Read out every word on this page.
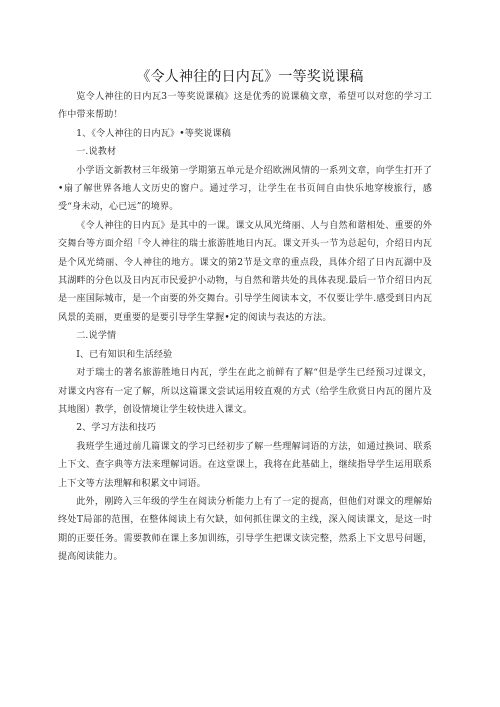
《令人神往的日内瓦》一等奖说课稿

览令人神往的日内瓦3一等奖说课稿》这是优秀的说课稿文章，希望可以对您的学习工作中带来帮助！

1、《令人神往的日内瓦》•等奖说课稿

一.说教材

小学语文新教材三年级第一学期第五单元是介绍欧洲风情的一系列文章，向学生打开了•扇了解世界各地人文历史的窗户。通过学习，让学生在书页间自由快乐地穿梭旅行，感受“身未动，心已远”的境界。

《令人神往的日内瓦》是其中的一课。课文从风光绮丽、人与自然和谐相处、重要的外交舞台等方面介绍「令人神往的瑞士旅游胜地日内瓦。课文开头一节为总起句，介绍日内瓦是个风光绮丽、令人神往的地方。课文的第2节是文章的重点段，具体介绍了日内瓦湖中及其湖畔的分色以及日内瓦市民爱护小动物，与自然和谐共处的具体表现.最后一节介绍日内瓦是一座国际城市，是一个亩要的外交舞台。引导学生阅读本文，不仅要让学牛.感受到日内瓦风景的美丽，更重要的是要引导学生掌握•定的阅读与表达的方法。

二.说学情

I、已有知识和生活经验

对于瑞士的著名旅游胜地日内瓦，学生在此之前鲜有了解“但是学生已经预习过课文，对课文内容有一定了解，所以这篇课文尝试运用较直观的方式（给学生欣赏日内瓦的图片及其地图）教学，创设情境让学生较快进入课文。

2、学习方法和技巧

我班学生通过前几篇课文的学习已经初步了解一些理解词语的方法，如通过换词、联系上下文、查字典等方法来理解词语。在这堂课上，我将在此基础上，继续指导学生运用联系上下文等方法理解和积累文中词语。

此外，刚跨入三年级的学生在阅读分析能力上有了一定的提高，但他们对课文的理解始终处T局部的范围，在整体阅读上有欠缺，如何抓住课文的主线，深入阅读课文，是这一时期的正要任务。需要教师在课上多加训练，引导学生把课文读完整，然系上下文思号问题，提高阅读能力。
